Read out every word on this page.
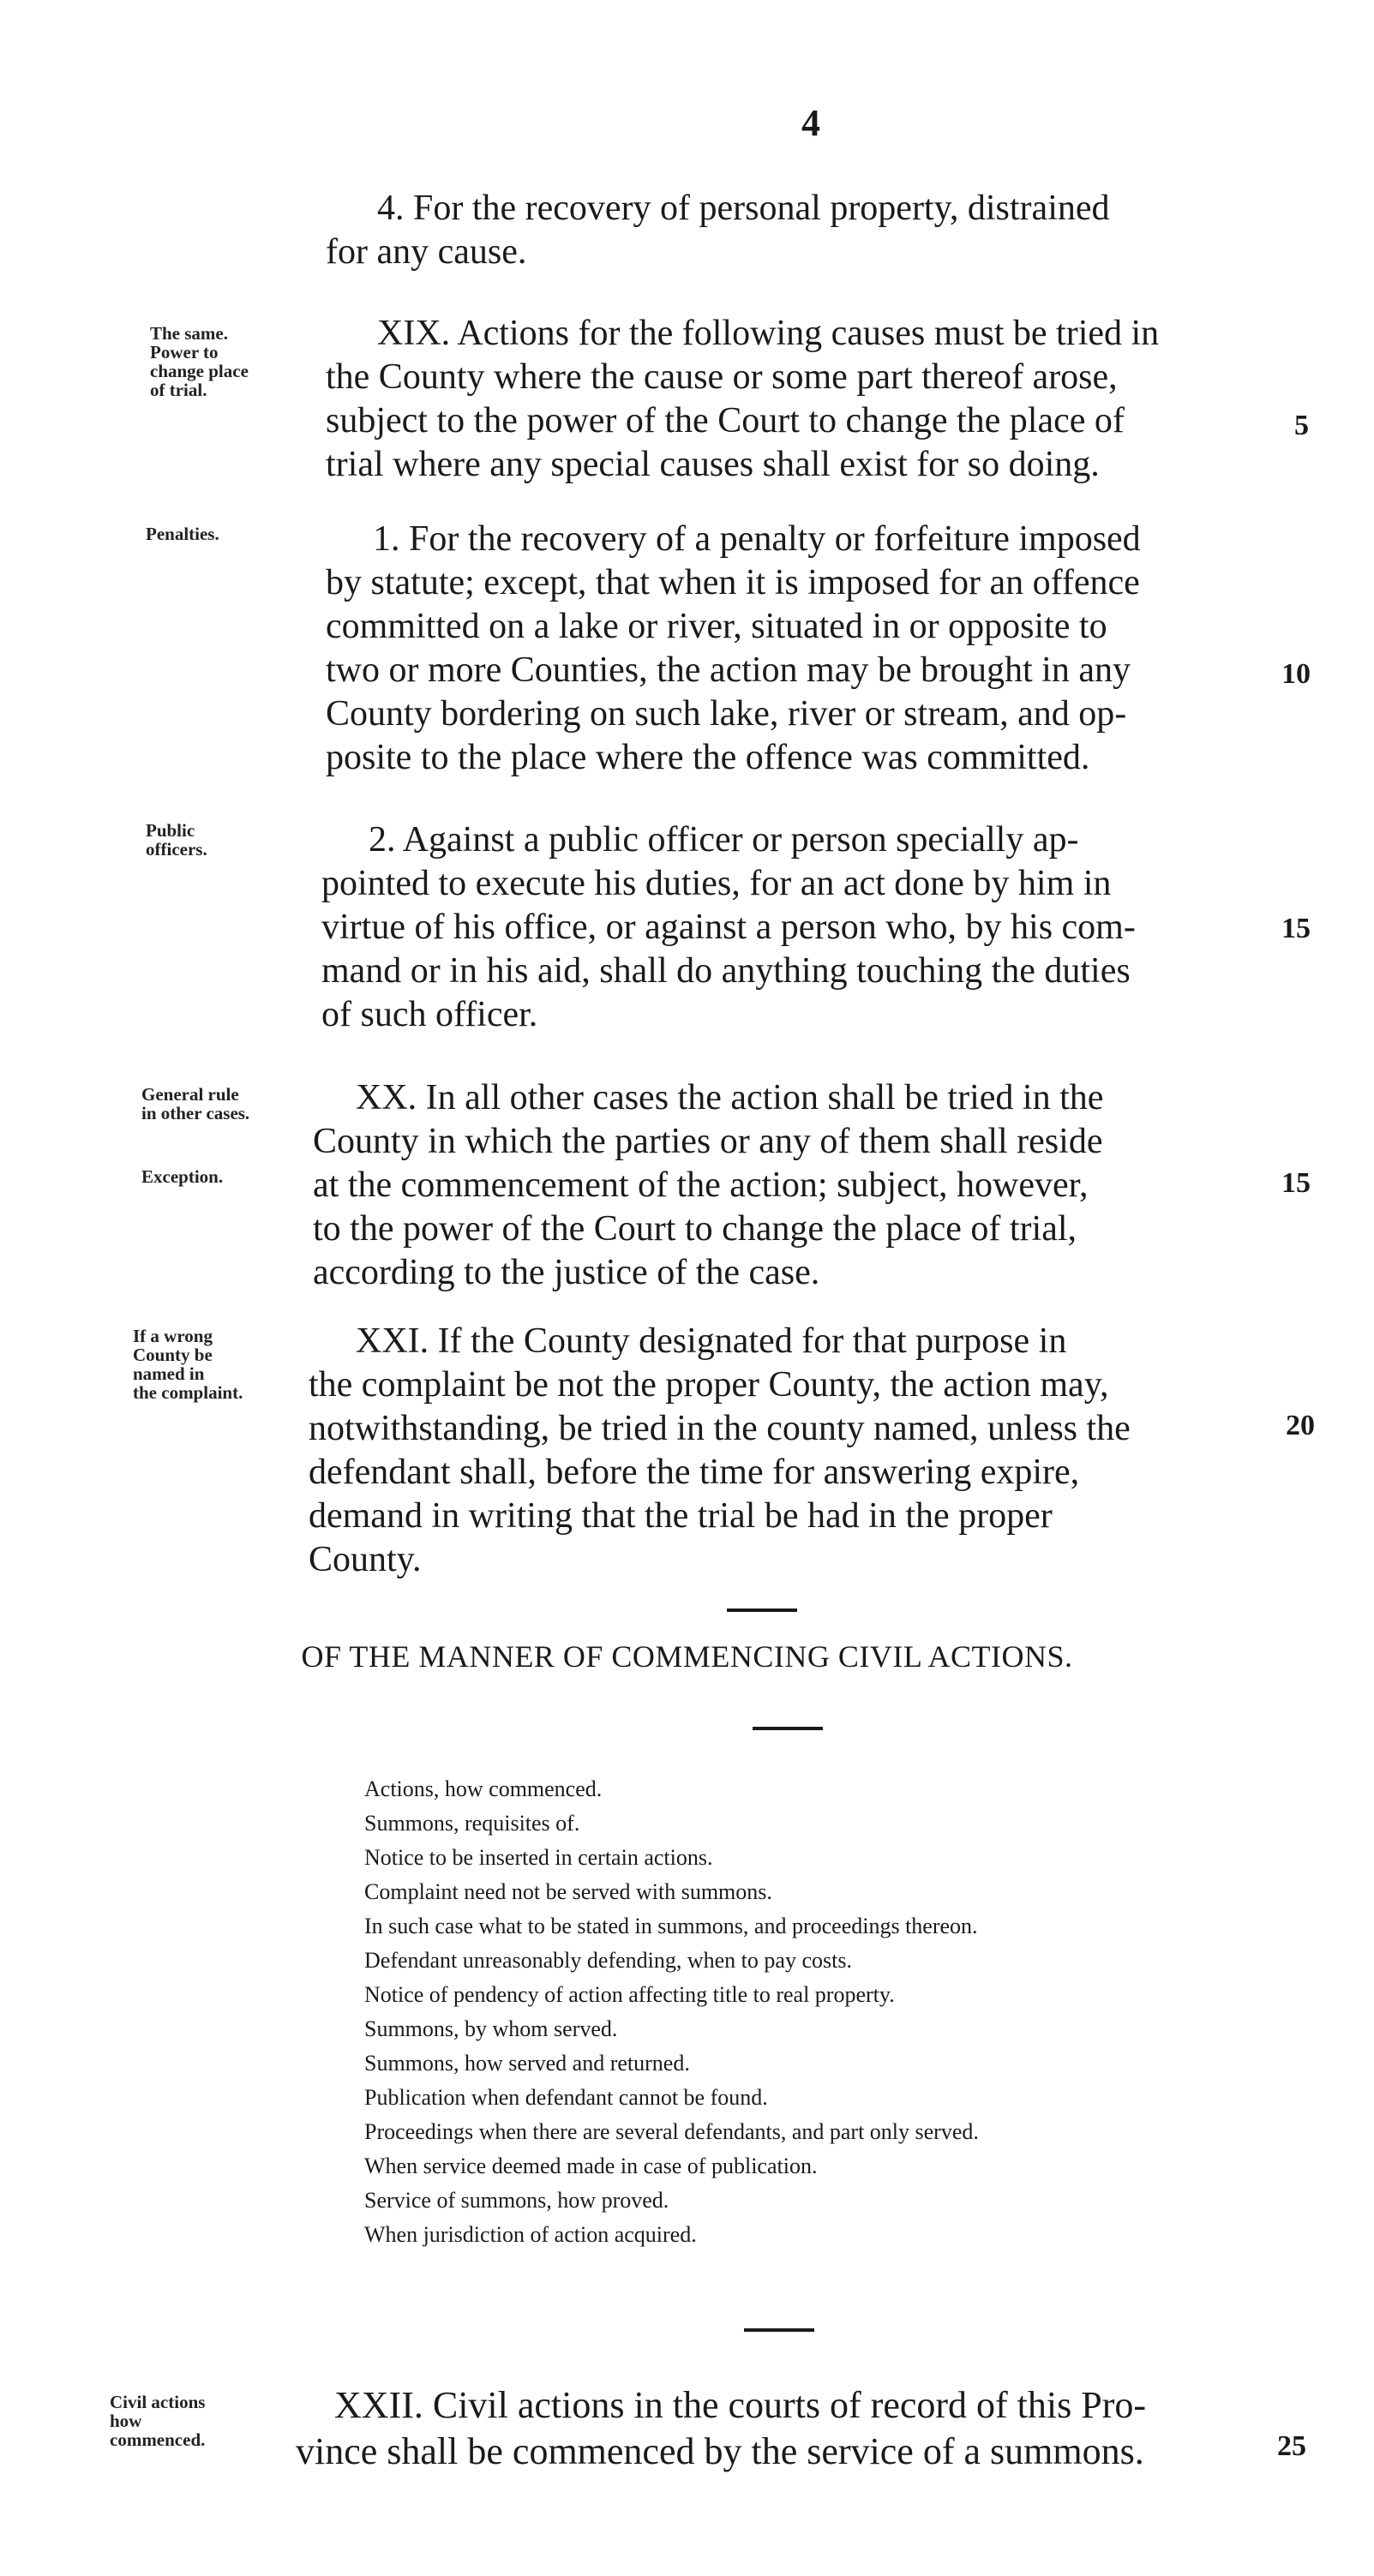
4
4. For the recovery of personal property, distrained
for any cause.
The same.
Power to
change place
of trial.
XIX. Actions for the following causes must be tried in
the County where the cause or some part thereof arose,
subject to the power of the Court to change the place of
trial where any special causes shall exist for so doing.
5
Penalties.	1. For the recovery of a penalty or forfeiture imposed
by statute; except, that when it is imposed for an offence
committed on a lake or river, situated in or opposite to
two or more Counties, the action may be brought in any
County bordering on such lake, river or stream, and op-
posite to the place where the offence was committed.
10
Public
officers.	2. Against a public officer or person specially ap-
pointed to execute his duties, for an act done by him in
virtue of his office, or against a person who, by his com-
mand or in his aid, shall do anything touching the duties
of such officer.
15
General rule
in other cases.
Exception.
XX. In all other cases the action shall be tried in the
County in which the parties or any of them shall reside
at the commencement of the action; subject, however,
to the power of the Court to change the place of trial,
according to the justice of the case.
15
If a wrong
County be
named in
the complaint.
XXI. If the County designated for that purpose in
the complaint be not the proper County, the action may,
notwithstanding, be tried in the county named, unless the
defendant shall, before the time for answering expire,
demand in writing that the trial be had in the proper
County.
20
OF THE MANNER OF COMMENCING CIVIL ACTIONS.
Actions, how commenced.
Summons, requisites of.
Notice to be inserted in certain actions.
Complaint need not be served with summons.
In such case what to be stated in summons, and proceedings thereon.
Defendant unreasonably defending, when to pay costs.
Notice of pendency of action affecting title to real property.
Summons, by whom served.
Summons, how served and returned.
Publication when defendant cannot be found.
Proceedings when there are several defendants, and part only served.
When service deemed made in case of publication.
Service of summons, how proved.
When jurisdiction of action acquired.
Civil actions
how
commenced.
XXII. Civil actions in the courts of record of this Pro-
vince shall be commenced by the service of a summons.	25
